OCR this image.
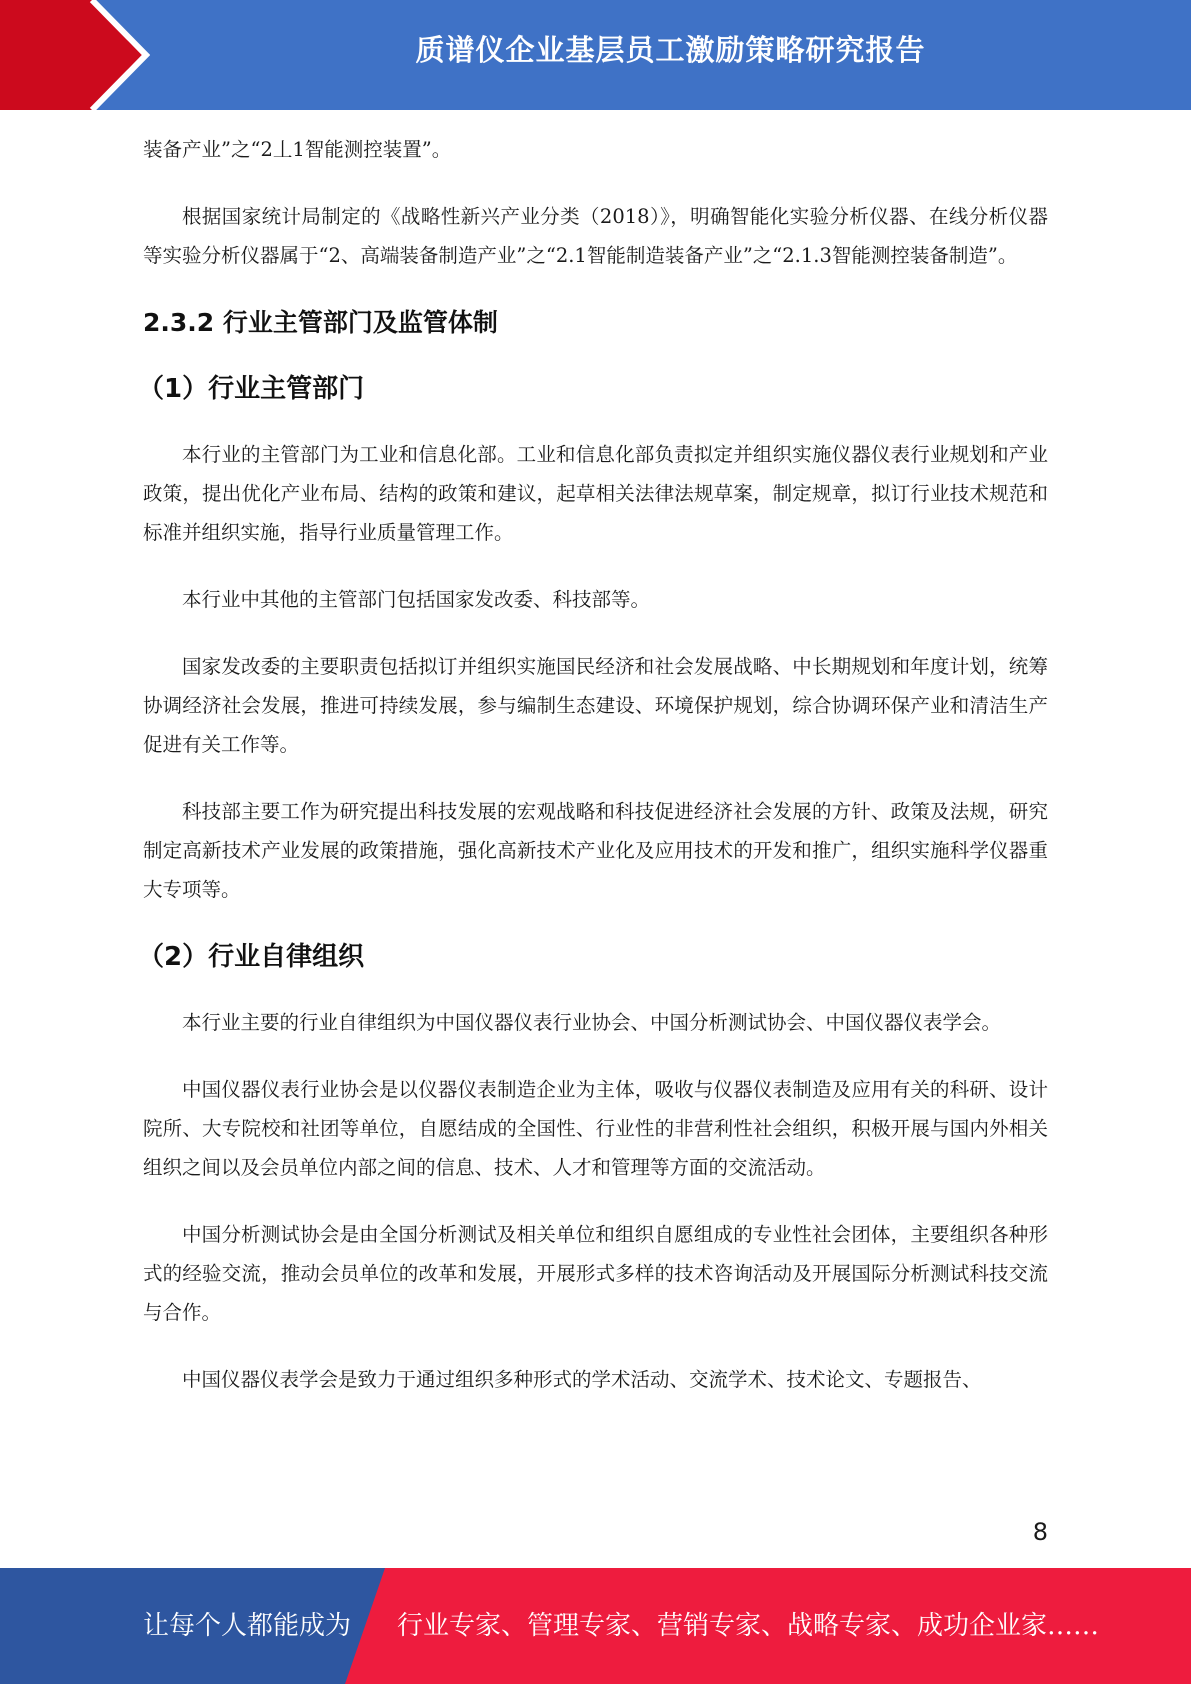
质谱仪企业基层员工激励策略研究报告

装备产业”之“2丄1智能测控装置”。

根据国家统计局制定的《战略性新兴产业分类（2018）》，明确智能化实验分析仪器、在线分析仪器等实验分析仪器属于“2、高端装备制造产业”之“2.1智能制造装备产业”之“2.1.3智能测控装备制造”。

2.3.2 行业主管部门及监管体制
（1）行业主管部门

本行业的主管部门为工业和信息化部。工业和信息化部负责拟定并组织实施仪器仪表行业规划和产业政策，提出优化产业布局、结构的政策和建议，起草相关法律法规草案，制定规章，拟订行业技术规范和标准并组织实施，指导行业质量管理工作。

本行业中其他的主管部门包括国家发改委、科技部等。

国家发改委的主要职责包括拟订并组织实施国民经济和社会发展战略、中长期规划和年度计划，统筹协调经济社会发展，推进可持续发展，参与编制生态建设、环境保护规划，综合协调环保产业和清洁生产促进有关工作等。

科技部主要工作为研究提出科技发展的宏观战略和科技促进经济社会发展的方针、政策及法规，研究制定高新技术产业发展的政策措施，强化高新技术产业化及应用技术的开发和推广，组织实施科学仪器重大专项等。

（2）行业自律组织

本行业主要的行业自律组织为中国仪器仪表行业协会、中国分析测试协会、中国仪器仪表学会。

中国仪器仪表行业协会是以仪器仪表制造企业为主体，吸收与仪器仪表制造及应用有关的科研、设计院所、大专院校和社团等单位，自愿结成的全国性、行业性的非营利性社会组织，积极开展与国内外相关组织之间以及会员单位内部之间的信息、技术、人才和管理等方面的交流活动。

中国分析测试协会是由全国分析测试及相关单位和组织自愿组成的专业性社会团体，主要组织各种形式的经验交流，推动会员单位的改革和发展，开展形式多样的技术咨询活动及开展国际分析测试科技交流与合作。

中国仪器仪表学会是致力于通过组织多种形式的学术活动、交流学术、技术论文、专题报告、

8
让每个人都能成为 行业专家、管理专家、营销专家、战略专家、成功企业家……
